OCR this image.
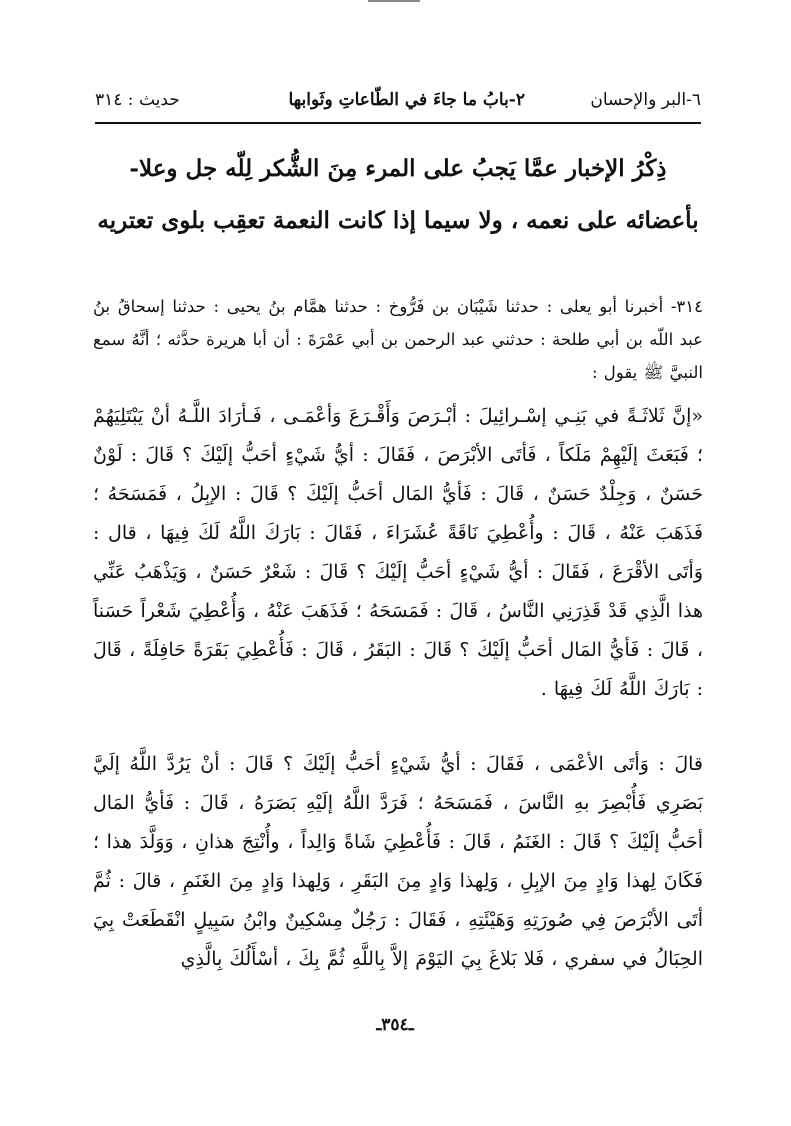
٦-البر والإحسان
٢-بابُ ما جاءَ في الطّاعاتِ وثَوابها
حديث : ٣١٤

ذِكْرُ الإخبار عمَّا يَجبُ على المرء مِنَ الشُّكر لِلّه جل وعلا- بأعضائه على نعمه ، ولا سيما إذا كانت النعمة تعقِب بلوى تعتريه

٣١٤- أخبرنا أبو يعلى : حدثنا شَيْبَان بن فَرُّوخ : حدثنا همَّام بنُ يحيى : حدثنا إسحاقُ بنُ عبد اللّه بن أبي طلحة : حدثني عبد الرحمن بن أبي عَمْرَةَ : أن أبا هريرة حدَّثه ؛ أنَّهُ سمع النبيَّ ﷺ يقول :

«إنَّ ثَلاثَـةً في بَنِـي إسْـرائِيلَ : أبْـرَصَ وَأَقْـرَعَ وَأعْمَـى ، فَـأرَادَ اللَّـهُ أنْ يَبْتَلِيَهُمْ ؛ فَبَعَثَ إلَيْهِمْ مَلَكاً ، فَأتَى الأبْرَصَ ، فَقَالَ : أيُّ شَيْءٍ أحَبُّ إلَيْكَ ؟ قَالَ : لَوْنٌ حَسَنٌ ، وَجِلْدٌ حَسَنٌ ، قَالَ : فَأيُّ المَال أحَبُّ إلَيْكَ ؟ قَالَ : الإبِلُ ، فَمَسَحَهُ ؛ فَذَهَبَ عَنْهُ ، قَالَ : وأُعْطِيَ نَاقَةً عُشَرَاءَ ، فَقَالَ : بَارَكَ اللَّهُ لَكَ فِيهَا ، قال : وَأتَى الأقْرَعَ ، فَقَالَ : أيُّ شَيْءٍ أحَبُّ إلَيْكَ ؟ قَالَ : شَعْرٌ حَسَنٌ ، وَيَذْهَبُ عَنِّي هذا الَّذِي قَدْ قَذِرَنِي النَّاسُ ، قَالَ : فَمَسَحَهُ ؛ فَذَهَبَ عَنْهُ ، وَأُعْطِيَ شَعْراً حَسَناً ، قَالَ : فَأيُّ المَال أحَبُّ إلَيْكَ ؟ قَالَ : البَقَرُ ، قَالَ : فَأُعْطِيَ بَقَرَةً حَافِلَةً ، قَالَ : بَارَكَ اللَّهُ لَكَ فِيهَا .

قالَ : وَأتَى الأعْمَى ، فَقَالَ : أيُّ شَيْءٍ أحَبُّ إلَيْكَ ؟ قَالَ : أنْ يَرُدَّ اللَّهُ إلَيَّ بَصَرِي فَأُبْصِرَ بهِ النَّاسَ ، فَمَسَحَهُ ؛ فَرَدَّ اللَّهُ إلَيْهِ بَصَرَهُ ، قَالَ : فَأيُّ المَال أحَبُّ إلَيْكَ ؟ قَالَ : الغَنَمُ ، قَالَ : فَأُعْطِيَ شَاةً وَالِداً ، وأُنْتِجَ هذانِ ، وَوَلَّدَ هذا ؛ فَكَانَ لِهذا وَادٍ مِنَ الإبِلِ ، وَلِهذا وَادٍ مِنَ البَقَرِ ، وَلِهذا وَادٍ مِنَ الغَنَمِ ، قالَ : ثُمَّ أتَى الأبْرَصَ فِي صُورَتِهِ وَهَيْئَتِهِ ، فَقَالَ : رَجُلٌ مِسْكِينٌ وابْنُ سَبِيلٍ انْقَطَعَتْ بِيَ الحِبَالُ في سفري ، فَلا بَلاغَ بِيَ اليَوْمَ إلاَّ بِاللَّهِ ثُمَّ بِكَ ، أسْأَلُكَ بِالَّذِي

ـ٣٥٤ـ
